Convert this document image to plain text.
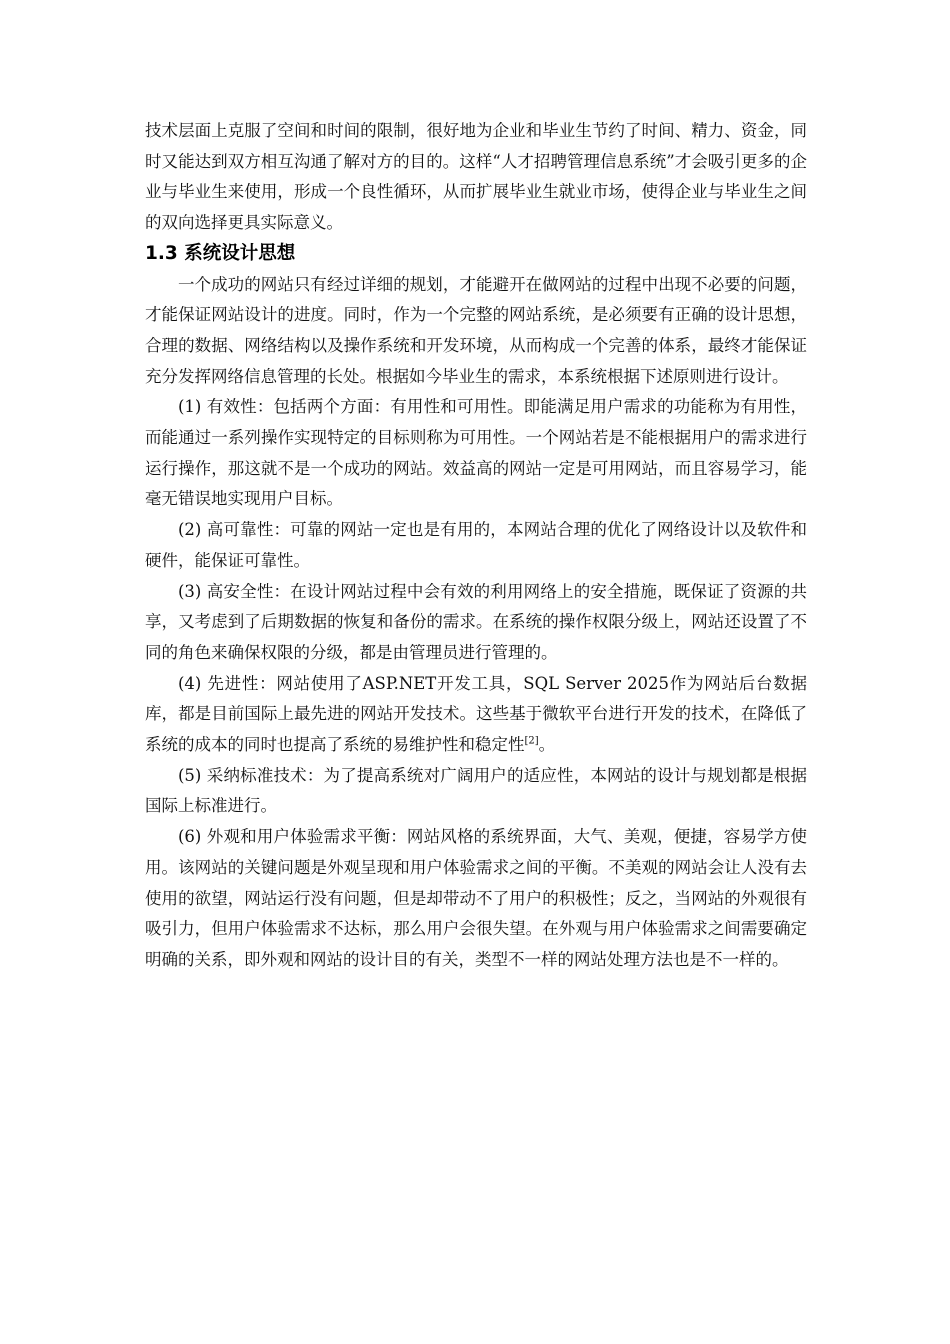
技术层面上克服了空间和时间的限制，很好地为企业和毕业生节约了时间、精力、资金，同时又能达到双方相互沟通了解对方的目的。这样“人才招聘管理信息系统”才会吸引更多的企业与毕业生来使用，形成一个良性循环，从而扩展毕业生就业市场，使得企业与毕业生之间的双向选择更具实际意义。

1.3 系统设计思想

一个成功的网站只有经过详细的规划，才能避开在做网站的过程中出现不必要的问题，才能保证网站设计的进度。同时，作为一个完整的网站系统，是必须要有正确的设计思想，合理的数据、网络结构以及操作系统和开发环境，从而构成一个完善的体系，最终才能保证充分发挥网络信息管理的长处。根据如今毕业生的需求，本系统根据下述原则进行设计。

(1) 有效性：包括两个方面：有用性和可用性。即能满足用户需求的功能称为有用性，而能通过一系列操作实现特定的目标则称为可用性。一个网站若是不能根据用户的需求进行运行操作，那这就不是一个成功的网站。效益高的网站一定是可用网站，而且容易学习，能毫无错误地实现用户目标。

(2) 高可靠性：可靠的网站一定也是有用的，本网站合理的优化了网络设计以及软件和硬件，能保证可靠性。

(3) 高安全性：在设计网站过程中会有效的利用网络上的安全措施，既保证了资源的共享，又考虑到了后期数据的恢复和备份的需求。在系统的操作权限分级上，网站还设置了不同的角色来确保权限的分级，都是由管理员进行管理的。

(4) 先进性：网站使用了ASP.NET开发工具，SQL Server 2025作为网站后台数据库，都是目前国际上最先进的网站开发技术。这些基于微软平台进行开发的技术，在降低了系统的成本的同时也提高了系统的易维护性和稳定性[2]。

(5) 采纳标准技术：为了提高系统对广阔用户的适应性，本网站的设计与规划都是根据国际上标准进行。

(6) 外观和用户体验需求平衡：网站风格的系统界面，大气、美观，便捷，容易学方使用。该网站的关键问题是外观呈现和用户体验需求之间的平衡。不美观的网站会让人没有去使用的欲望，网站运行没有问题，但是却带动不了用户的积极性；反之，当网站的外观很有吸引力，但用户体验需求不达标，那么用户会很失望。在外观与用户体验需求之间需要确定明确的关系，即外观和网站的设计目的有关，类型不一样的网站处理方法也是不一样的。
